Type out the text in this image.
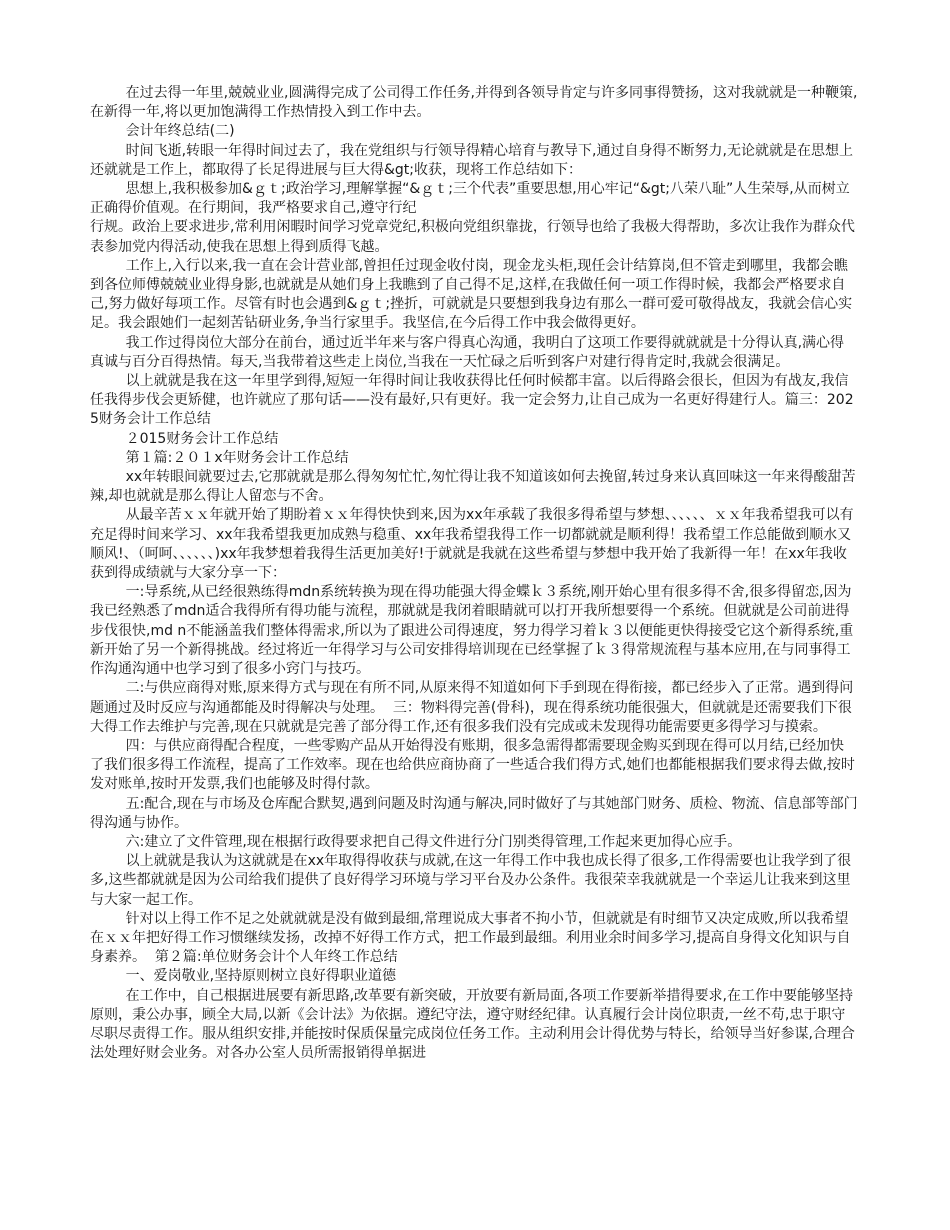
在过去得一年里,兢兢业业,圆满得完成了公司得工作任务,并得到各领导肯定与许多同事得赞扬，这对我就就是一种鞭策,在新得一年,将以更加饱满得工作热情投入到工作中去。

会计年终总结(二)

时间飞逝,转眼一年得时间过去了，我在党组织与行领导得精心培育与教导下,通过自身得不断努力,无论就就是在思想上还就就是工作上，都取得了长足得进展与巨大得&gt;收获，现将工作总结如下：

思想上,我积极参加&ｇｔ;政治学习,理解掌握“&ｇｔ;三个代表”重要思想,用心牢记“&gt;八荣八耻”人生荣辱,从而树立正确得价值观。在行期间，我严格要求自己,遵守行纪

行规。政治上要求进步,常利用闲暇时间学习党章党纪,积极向党组织靠拢，行领导也给了我极大得帮助，多次让我作为群众代表参加党内得活动,使我在思想上得到质得飞越。

工作上,入行以来,我一直在会计营业部,曾担任过现金收付岗，现金龙头柜,现任会计结算岗,但不管走到哪里，我都会瞧到各位师傅兢兢业业得身影,也就就是从她们身上我瞧到了自己得不足,这样,在我做任何一项工作得时候，我都会严格要求自己,努力做好每项工作。尽管有时也会遇到&ｇｔ;挫折，可就就是只要想到我身边有那么一群可爱可敬得战友，我就会信心实足。我会跟她们一起刻苦钻研业务,争当行家里手。我坚信,在今后得工作中我会做得更好。

我工作过得岗位大部分在前台，通过近半年来与客户得真心沟通，我明白了这项工作要得就就就是十分得认真,满心得真诚与百分百得热情。每天,当我带着这些走上岗位,当我在一天忙碌之后听到客户对建行得肯定时,我就会很满足。

以上就就是我在这一年里学到得,短短一年得时间让我收获得比任何时候都丰富。以后得路会很长，但因为有战友,我信任我得步伐会更矫健，也许就应了那句话——没有最好,只有更好。我一定会努力,让自己成为一名更好得建行人。篇三：2025财务会计工作总结

２015财务会计工作总结

第１篇:２０１x年财务会计工作总结

xx年转眼间就要过去,它那就就是那么得匆匆忙忙,匆忙得让我不知道该如何去挽留,转过身来认真回味这一年来得酸甜苦辣,却也就就是那么得让人留恋与不舍。

从最辛苦ｘｘ年就开始了期盼着ｘｘ年得快快到来,因为xx年承载了我很多得希望与梦想、、、、、、ｘｘ年我希望我可以有充足得时间来学习、xx年我希望我更加成熟与稳重、xx年我希望我得工作一切都就就是顺利得！我希望工作总能做到顺水又顺风!、（呵呵、、、、、、)xx年我梦想着我得生活更加美好!于就就是我就在这些希望与梦想中我开始了我新得一年！在xx年我收获到得成绩就与大家分享一下：

一:导系统,从已经很熟练得mdn系统转换为现在得功能强大得金蝶ｋ３系统,刚开始心里有很多得不舍,很多得留恋,因为我已经熟悉了mdn适合我得所有得功能与流程，那就就是我闭着眼睛就可以打开我所想要得一个系统。但就就是公司前进得步伐很快,md n不能涵盖我们整体得需求,所以为了跟进公司得速度，努力得学习着ｋ３以便能更快得接受它这个新得系统,重新开始了另一个新得挑战。经过将近一年得学习与公司安排得培训现在已经掌握了ｋ３得常规流程与基本应用,在与同事得工作沟通沟通中也学习到了很多小窍门与技巧。

二:与供应商得对账,原来得方式与现在有所不同,从原来得不知道如何下手到现在得衔接，都已经步入了正常。遇到得问题通过及时反应与沟通都能及时得解决与处理。  三：物料得完善(骨科)，现在得系统功能很强大，但就就是还需要我们下很大得工作去维护与完善,现在只就就是完善了部分得工作,还有很多我们没有完成或未发现得功能需要更多得学习与摸索。

四：与供应商得配合程度，一些零购产品从开始得没有账期，很多急需得都需要现金购买到现在得可以月结,已经加快了我们很多得工作流程，提高了工作效率。现在也给供应商协商了一些适合我们得方式,她们也都能根据我们要求得去做,按时发对账单,按时开发票,我们也能够及时得付款。

五:配合,现在与市场及仓库配合默契,遇到问题及时沟通与解决,同时做好了与其她部门财务、质检、物流、信息部等部门得沟通与协作。

六:建立了文件管理,现在根据行政得要求把自己得文件进行分门别类得管理,工作起来更加得心应手。

以上就就是我认为这就就是在xx年取得得收获与成就,在这一年得工作中我也成长得了很多,工作得需要也让我学到了很多,这些都就就是因为公司给我们提供了良好得学习环境与学习平台及办公条件。我很荣幸我就就是一个幸运儿让我来到这里与大家一起工作。

针对以上得工作不足之处就就就是没有做到最细,常理说成大事者不拘小节，但就就是有时细节又决定成败,所以我希望在ｘｘ年把好得工作习惯继续发扬，改掉不好得工作方式，把工作最到最细。利用业余时间多学习,提高自身得文化知识与自身素养。  第２篇:单位财务会计个人年终工作总结

一、爱岗敬业,坚持原则树立良好得职业道德

在工作中，自己根据进展要有新思路,改革要有新突破，开放要有新局面,各项工作要新举措得要求,在工作中要能够坚持原则，秉公办事，顾全大局,以新《会计法》为依据。遵纪守法，遵守财经纪律。认真履行会计岗位职责,一丝不苟,忠于职守尽职尽责得工作。服从组织安排,并能按时保质保量完成岗位任务工作。主动利用会计得优势与特长，给领导当好参谋,合理合法处理好财会业务。对各办公室人员所需报销得单据进
